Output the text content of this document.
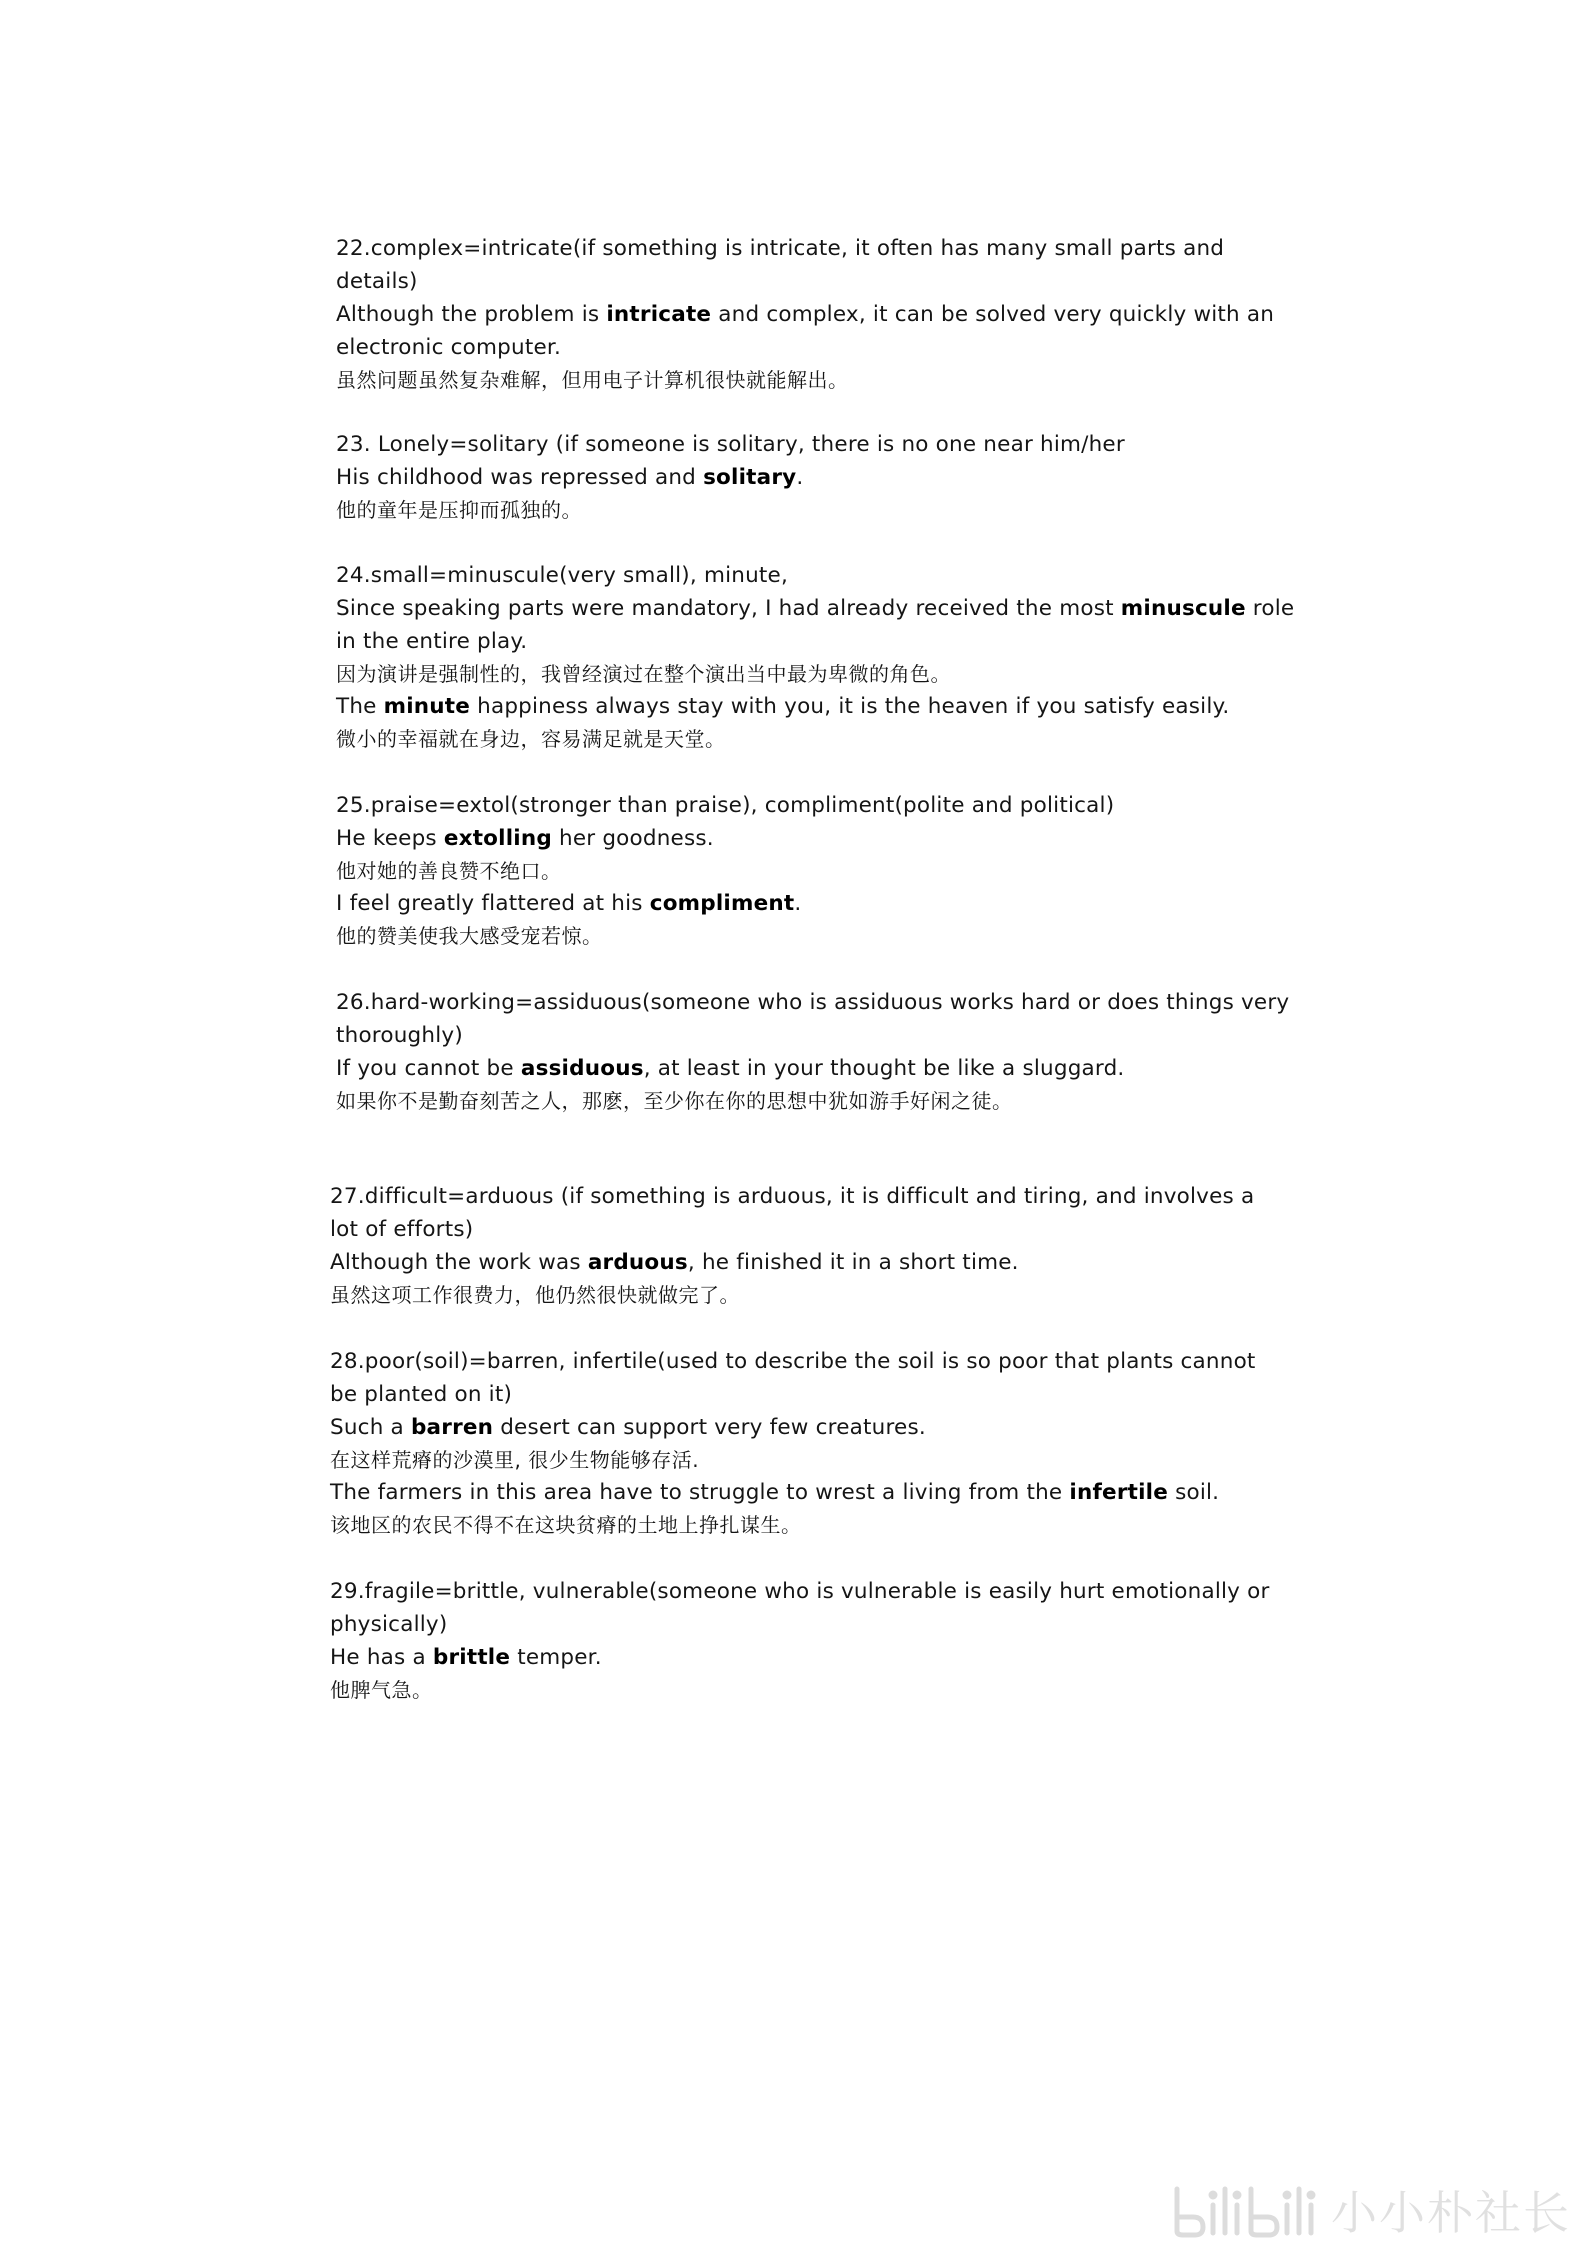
22.complex=intricate(if something is intricate, it often has many small parts and
details)
Although the problem is intricate and complex, it can be solved very quickly with an
electronic computer.
虽然问题虽然复杂难解，但用电子计算机很快就能解出。
23. Lonely=solitary (if someone is solitary, there is no one near him/her
His childhood was repressed and solitary.
他的童年是压抑而孤独的。
24.small=minuscule(very small), minute,
Since speaking parts were mandatory, I had already received the most minuscule role
in the entire play.
因为演讲是强制性的，我曾经演过在整个演出当中最为卑微的角色。
The minute happiness always stay with you, it is the heaven if you satisfy easily.
微小的幸福就在身边，容易满足就是天堂。
25.praise=extol(stronger than praise), compliment(polite and political)
He keeps extolling her goodness.
他对她的善良赞不绝口。
I feel greatly flattered at his compliment.
他的赞美使我大感受宠若惊。
26.hard-working=assiduous(someone who is assiduous works hard or does things very
thoroughly)
If you cannot be assiduous, at least in your thought be like a sluggard.
如果你不是勤奋刻苦之人，那麽，至少你在你的思想中犹如游手好闲之徒。
27.difficult=arduous (if something is arduous, it is difficult and tiring, and involves a
lot of efforts)
Although the work was arduous, he finished it in a short time.
虽然这项工作很费力，他仍然很快就做完了。
28.poor(soil)=barren, infertile(used to describe the soil is so poor that plants cannot
be planted on it)
Such a barren desert can support very few creatures.
在这样荒瘠的沙漠里, 很少生物能够存活.
The farmers in this area have to struggle to wrest a living from the infertile soil.
该地区的农民不得不在这块贫瘠的土地上挣扎谋生。
29.fragile=brittle, vulnerable(someone who is vulnerable is easily hurt emotionally or
physically)
He has a brittle temper.
他脾气急。
小小朴社长
